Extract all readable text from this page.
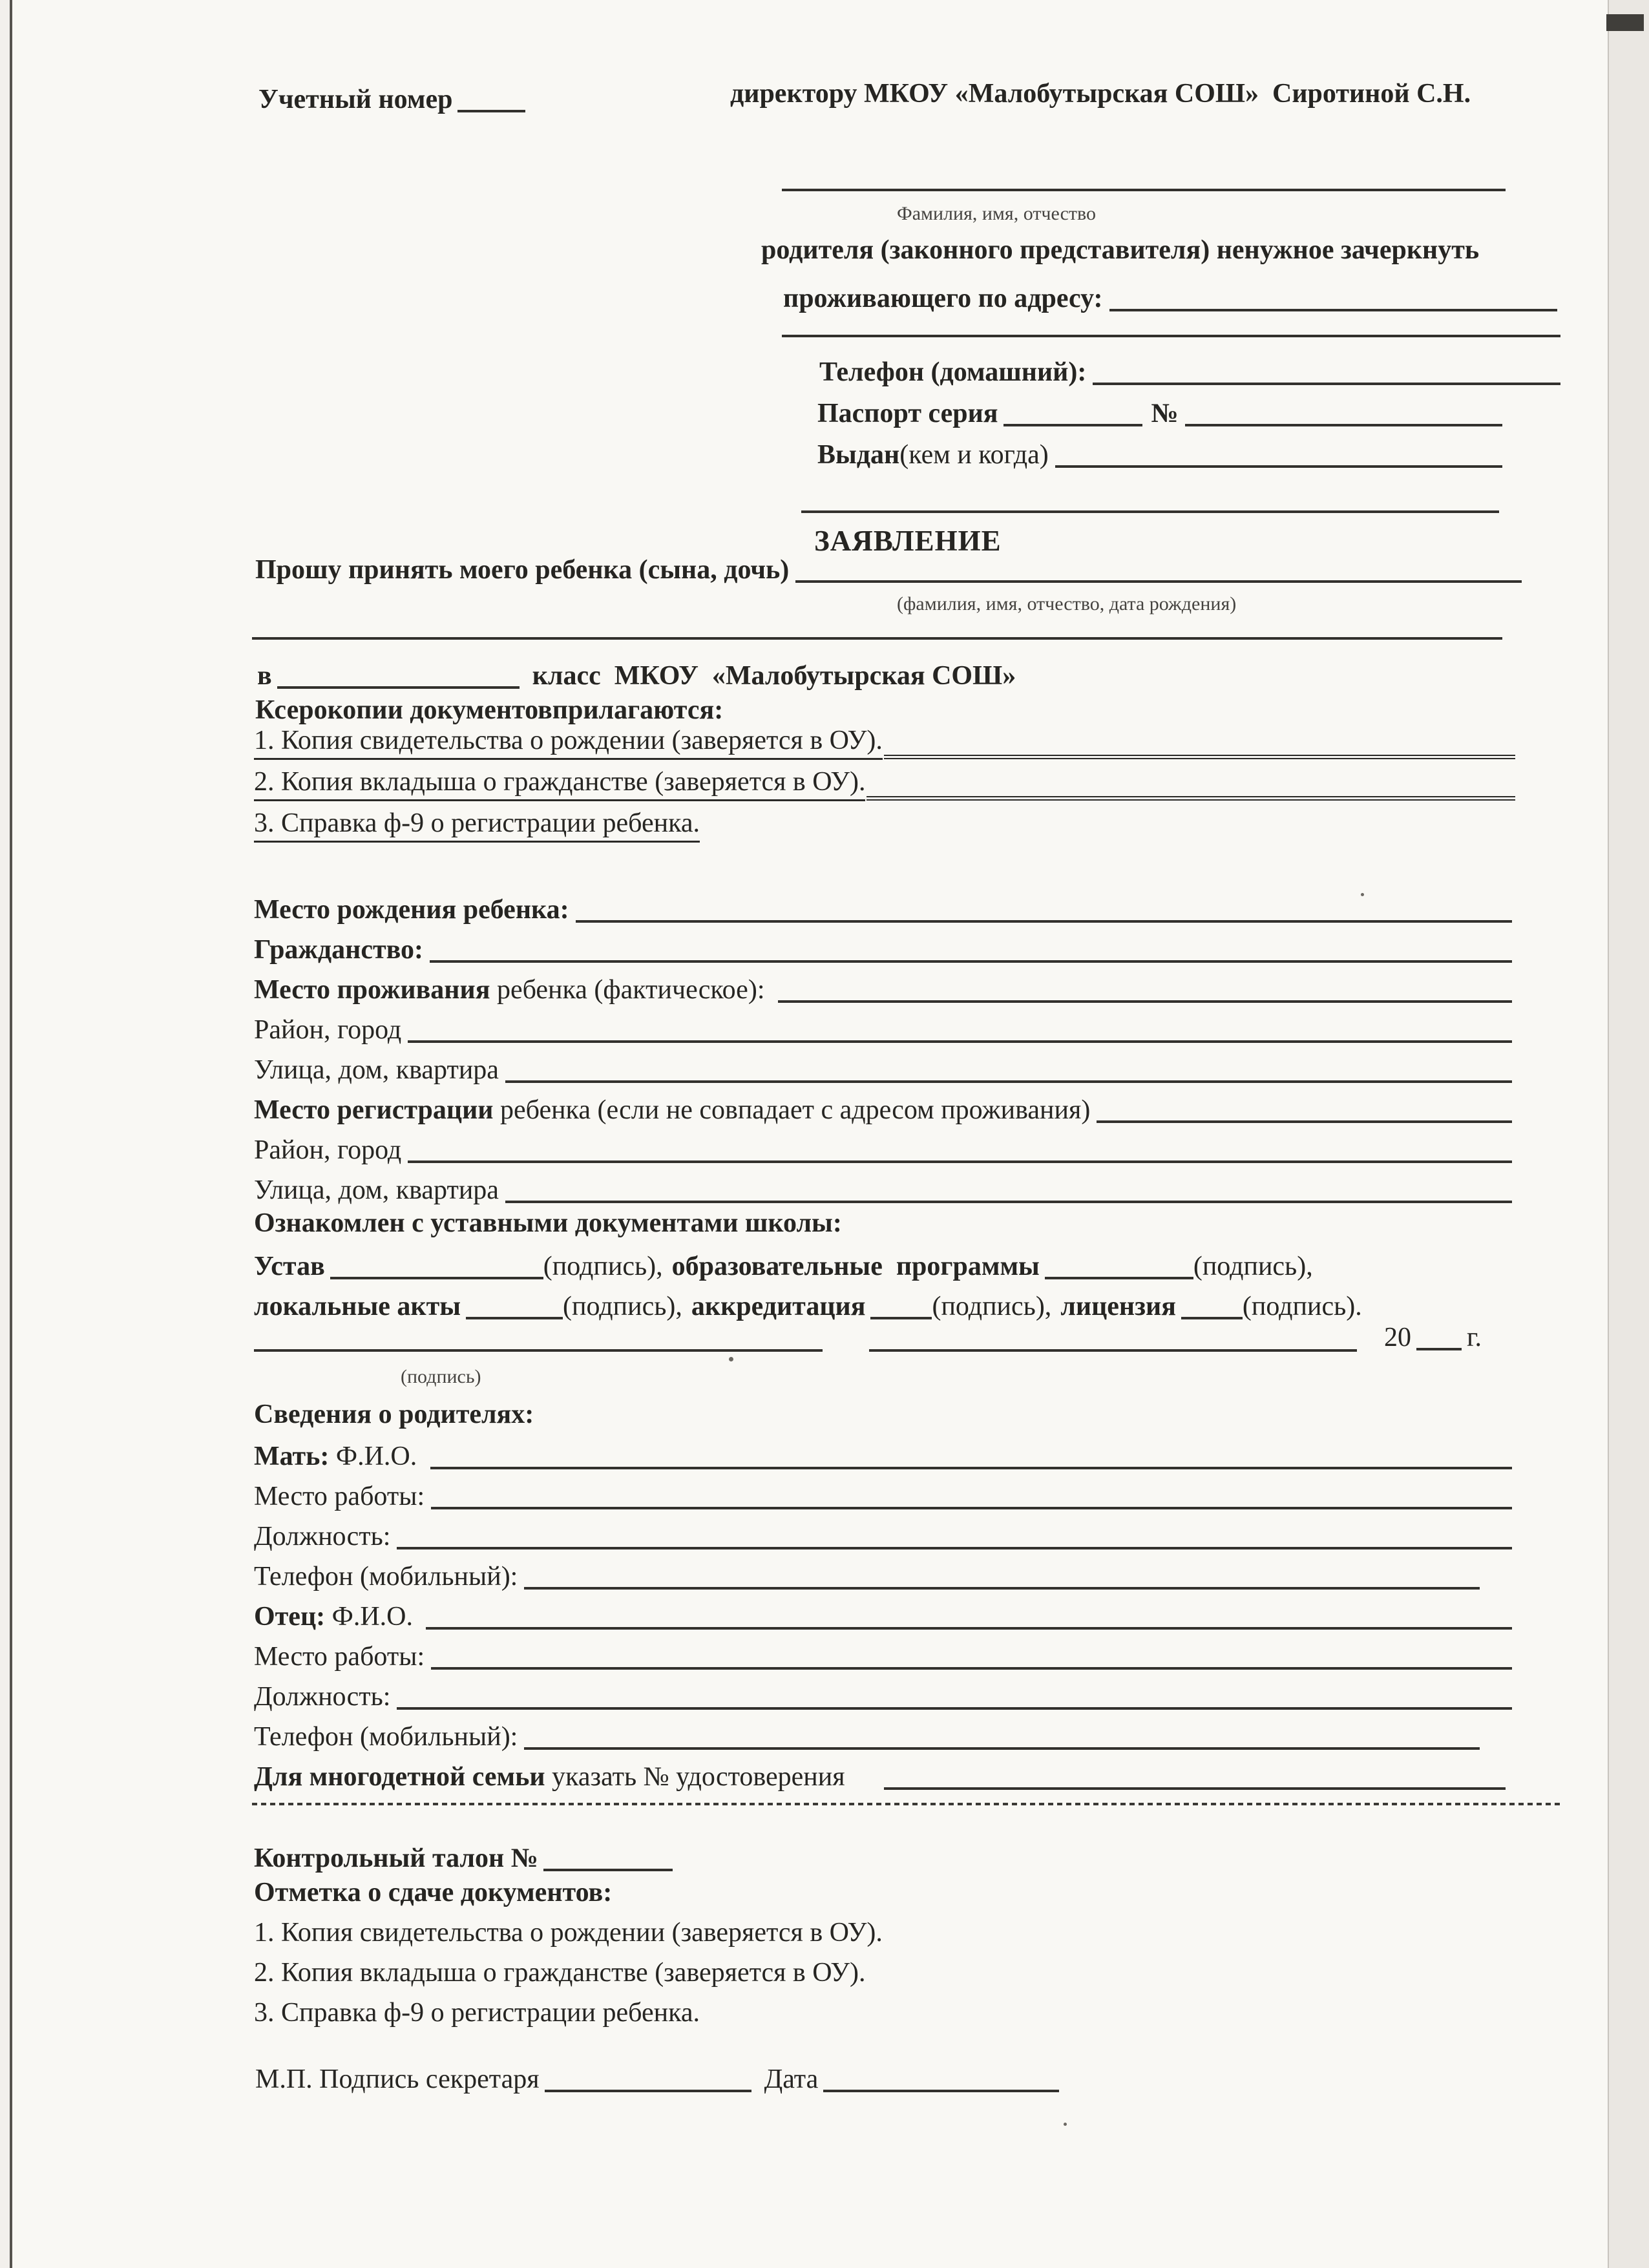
Учетный номер	директору МКОУ «Малобутырская СОШ»  Сиротиной С.Н.
Фамилия, имя, отчество
родителя (законного представителя) ненужное зачеркнуть
проживающего по адресу:
Телефон (домашний):
Паспорт серия	№
Выдан (кем и когда)
ЗАЯВЛЕНИЕ
Прошу принять моего ребенка (сына, дочь)
(фамилия, имя, отчество, дата рождения)
в	класс  МКОУ  «Малобутырская СОШ»
Ксерокопии документовприлагаются:
1. Копия свидетельства о рождении (заверяется в ОУ).
2. Копия вкладыша о гражданстве (заверяется в ОУ).
3. Справка ф-9 о регистрации ребенка.
Место рождения ребенка:
Гражданство:
Место проживания ребенка (фактическое):
Район, город
Улица, дом, квартира
Место регистрации ребенка (если не совпадает с адресом проживания)
Район, город
Улица, дом, квартира
Ознакомлен с уставными документами школы:
Устав	(подпись), образовательные  программы	(подпись),
локальные акты	(подпись), аккредитация (подпись), лицензия (подпись).
20 г.
(подпись)
Сведения о родителях:
Мать: Ф.И.О.
Место работы:
Должность:
Телефон (мобильный):
Отец: Ф.И.О.
Место работы:
Должность:
Телефон (мобильный):
Для многодетной семьи указать № удостоверения
Контрольный талон №
Отметка о сдаче документов:
1. Копия свидетельства о рождении (заверяется в ОУ).
2. Копия вкладыша о гражданстве (заверяется в ОУ).
3. Справка ф-9 о регистрации ребенка.
М.П. Подпись секретаря	Дата
